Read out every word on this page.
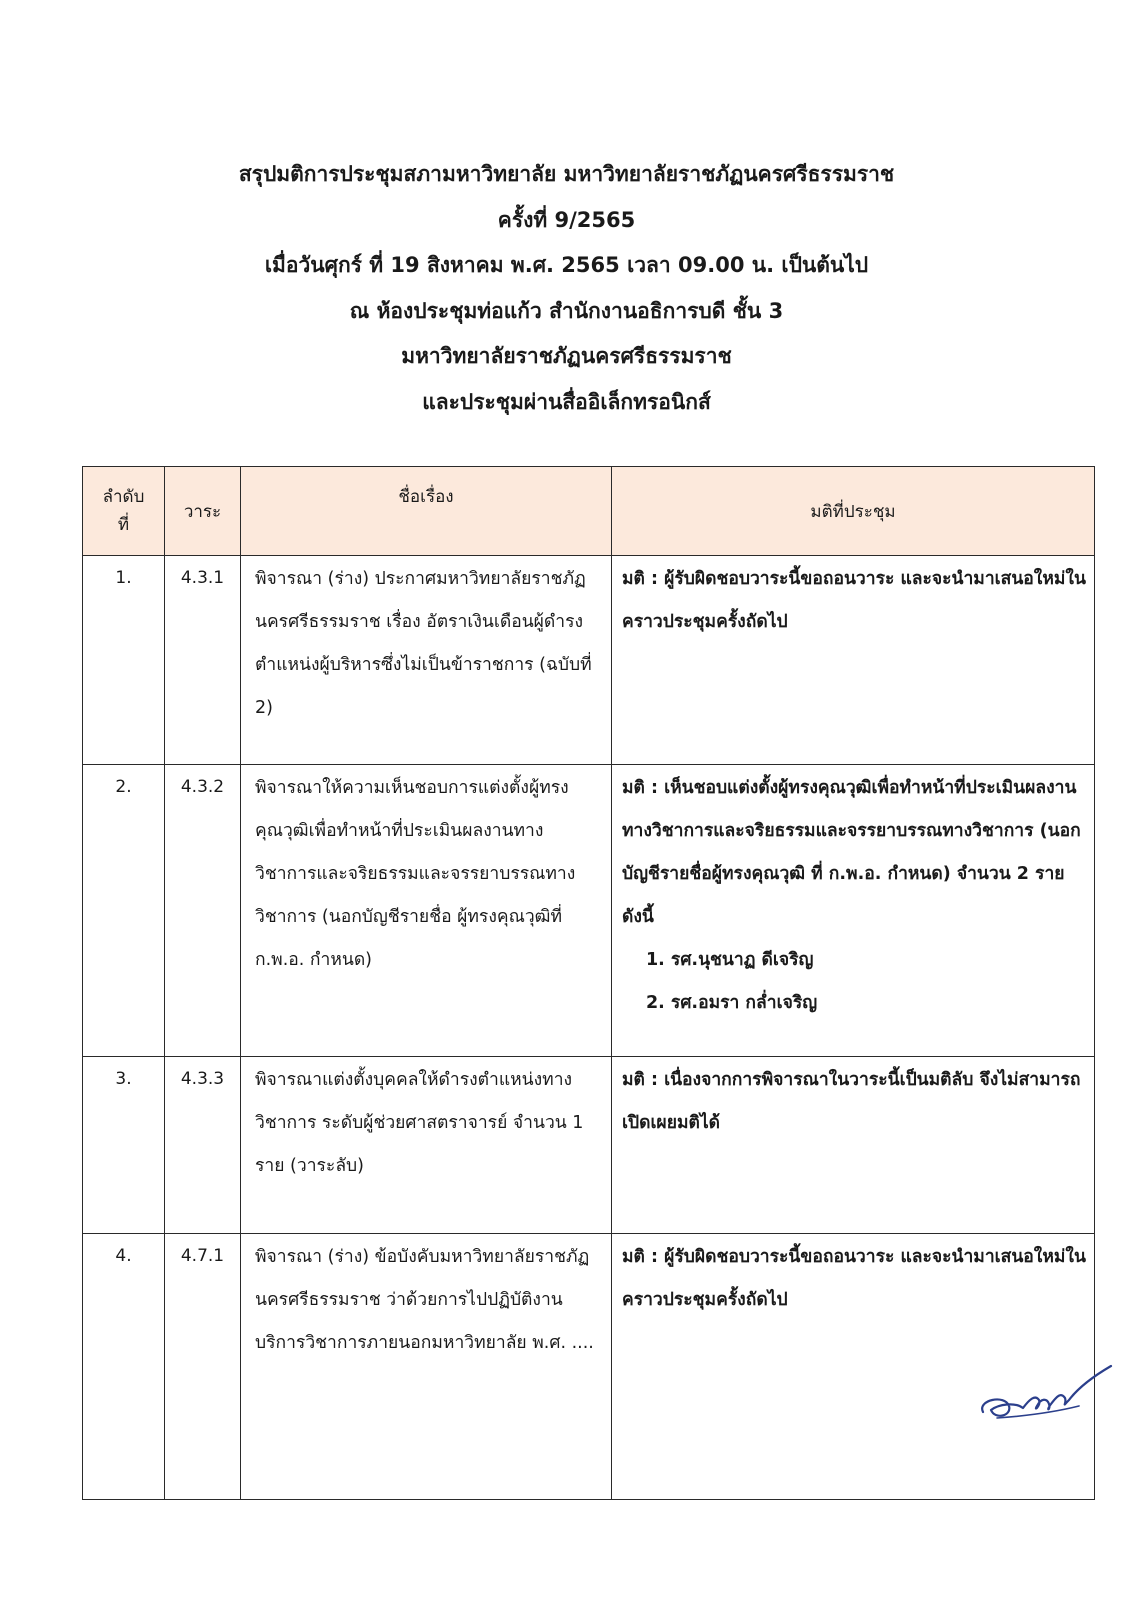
สรุปมติการประชุมสภามหาวิทยาลัย มหาวิทยาลัยราชภัฏนครศรีธรรมราช
ครั้งที่ 9/2565
เมื่อวันศุกร์ ที่ 19 สิงหาคม พ.ศ. 2565 เวลา 09.00 น. เป็นต้นไป
ณ ห้องประชุมท่อแก้ว สำนักงานอธิการบดี ชั้น 3
มหาวิทยาลัยราชภัฏนครศรีธรรมราช
และประชุมผ่านสื่ออิเล็กทรอนิกส์
ลำดับ
ที่	วาระ	ชื่อเรื่อง	มติที่ประชุม
1.	4.3.1	พิจารณา (ร่าง) ประกาศมหาวิทยาลัยราชภัฏนครศรีธรรมราช เรื่อง อัตราเงินเดือนผู้ดำรงตำแหน่งผู้บริหารซึ่งไม่เป็นข้าราชการ (ฉบับที่ 2)	มติ : ผู้รับผิดชอบวาระนี้ขอถอนวาระ และจะนำมาเสนอใหม่ในคราวประชุมครั้งถัดไป

2.	4.3.2	พิจารณาให้ความเห็นชอบการแต่งตั้งผู้ทรงคุณวุฒิเพื่อทำหน้าที่ประเมินผลงานทางวิชาการและจริยธรรมและจรรยาบรรณทางวิชาการ (นอกบัญชีรายชื่อ ผู้ทรงคุณวุฒิที่ ก.พ.อ. กำหนด)	มติ : เห็นชอบแต่งตั้งผู้ทรงคุณวุฒิเพื่อทำหน้าที่ประเมินผลงานทางวิชาการและจริยธรรมและจรรยาบรรณทางวิชาการ (นอกบัญชีรายชื่อผู้ทรงคุณวุฒิ ที่ ก.พ.อ. กำหนด) จำนวน 2 ราย ดังนี้
1. รศ.นุชนาฏ ดีเจริญ
2. รศ.อมรา กล่ำเจริญ

3.	4.3.3	พิจารณาแต่งตั้งบุคคลให้ดำรงตำแหน่งทางวิชาการ ระดับผู้ช่วยศาสตราจารย์ จำนวน 1 ราย (วาระลับ)	มติ : เนื่องจากการพิจารณาในวาระนี้เป็นมติลับ จึงไม่สามารถเปิดเผยมติได้

4.	4.7.1	พิจารณา (ร่าง) ข้อบังคับมหาวิทยาลัยราชภัฏนครศรีธรรมราช ว่าด้วยการไปปฏิบัติงานบริการวิชาการภายนอกมหาวิทยาลัย พ.ศ. ....	มติ : ผู้รับผิดชอบวาระนี้ขอถอนวาระ และจะนำมาเสนอใหม่ในคราวประชุมครั้งถัดไป
